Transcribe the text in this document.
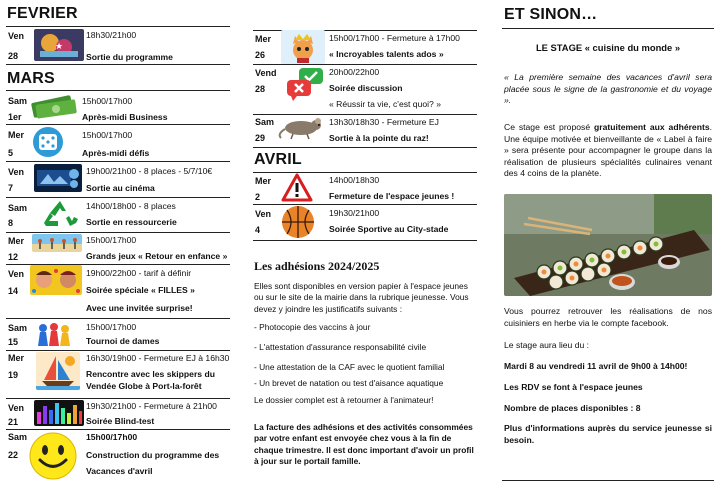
FEVRIER
Ven
28
★
18h30/21h00
Sortie du programme
MARS
Sam
1er
15h00/17h00
Après-midi Business
Mer
5
15h00/17h00
Après-midi défis
Ven
7
19h00/21h00 - 8 places - 5/7/10€
Sortie au cinéma
Sam
8
14h00/18h00 - 8 places
Sortie en ressourcerie
Mer
12
15h00/17h00
Grands jeux « Retour en enfance »
Ven
14
19h00/22h00 - tarif à définir
Soirée spéciale « FILLES »
Avec une invitée surprise!
Sam
15
15h00/17h00
Tournoi de dames
Mer
19
16h30/19h00 - Fermeture EJ à 16h30
Rencontre avec les skippers du
Vendée Globe à Port-la-forêt
Ven
21
19h30/21h00 - Fermeture à 21h00
Soirée Blind-test
Sam
22
15h00/17h00
Construction du programme des
Vacances d'avril
Mer
26
15h00/17h00 - Fermeture à 17h00
« Incroyables talents ados »
Vend
28
20h00/22h00
Soirée discussion
« Réussir ta vie, c'est quoi? »
Sam
29
13h30/18h30 - Fermeture EJ
Sortie à la pointe du raz!
AVRIL
Mer
2
14h00/18h30
Fermeture de l'espace jeunes !
Ven
4
19h30/21h00
Soirée Sportive au City-stade
Les adhésions 2024/2025

Elles sont disponibles en version papier à l'espace jeunes ou sur le site de la mairie dans la rubrique jeunesse. Vous devez y joindre les justificatifs suivants :

- Photocopie des vaccins à jour

- L'attestation d'assurance responsabilité civile

- Une attestation de la CAF avec le quotient familial

- Un brevet de natation ou test d'aisance aquatique

Le dossier complet est à retourner à l'animateur!

La facture des adhésions et des activités consommées par votre enfant est envoyée chez vous à la fin de chaque trimestre. Il est donc important d'avoir un profil à jour sur le portail famille.

ET SINON…
LE STAGE « cuisine du monde »

« La première semaine des vacances d'avril sera placée sous le signe de la gastronomie et du voyage ».

Ce stage est proposé gratuitement aux adhérents. Une équipe motivée et bienveillante de « Label à faire » sera présente pour accompagner le groupe dans la réalisation de plusieurs spécialités culinaires venant des 4 coins de la planète.

Vous pourrez retrouver les réalisations de nos cuisiniers en herbe via le compte facebook.

Le stage aura lieu du :

Mardi 8 au vendredi 11 avril de 9h00 à 14h00!

Les RDV se font à l'espace jeunes

Nombre de places disponibles : 8

Plus d'informations auprès du service jeunesse si besoin.
